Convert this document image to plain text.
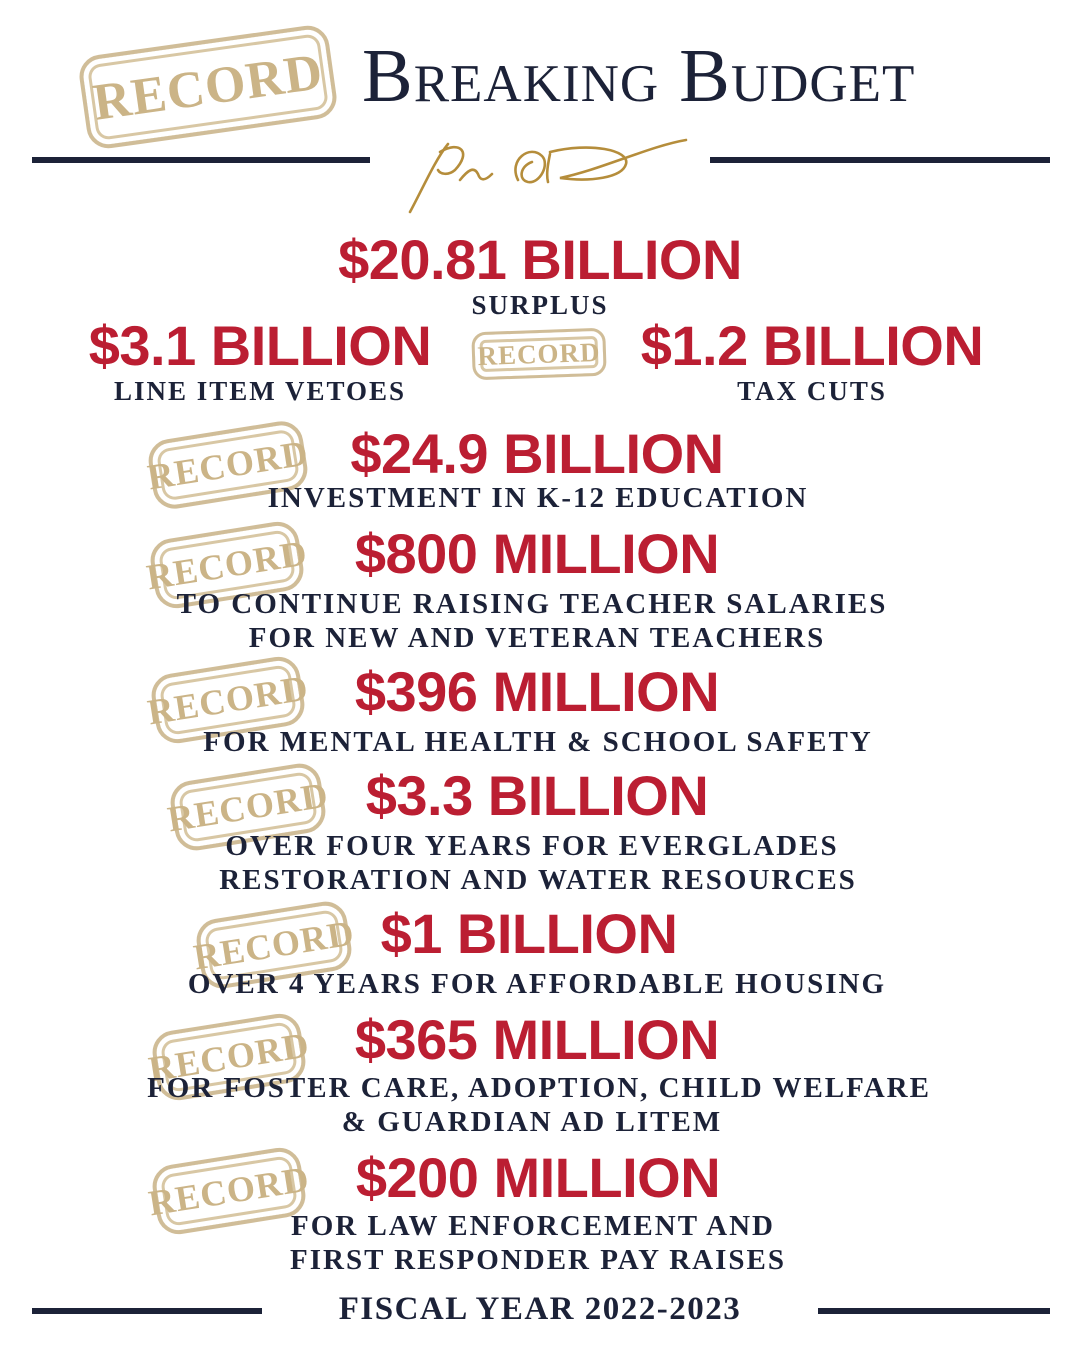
RECORD Breaking Budget
$20.81 BILLION
SURPLUS
$3.1 BILLION
LINE ITEM VETOES
RECORD $1.2 BILLION
TAX CUTS
RECORD $24.9 BILLION
INVESTMENT IN K-12 EDUCATION
RECORD $800 MILLION
TO CONTINUE RAISING TEACHER SALARIES
FOR NEW AND VETERAN TEACHERS
RECORD $396 MILLION
FOR MENTAL HEALTH & SCHOOL SAFETY
RECORD $3.3 BILLION
OVER FOUR YEARS FOR EVERGLADES
RESTORATION AND WATER RESOURCES
RECORD $1 BILLION
OVER 4 YEARS FOR AFFORDABLE HOUSING
RECORD $365 MILLION
FOR FOSTER CARE, ADOPTION, CHILD WELFARE
& GUARDIAN AD LITEM
RECORD $200 MILLION
FOR LAW ENFORCEMENT AND
FIRST RESPONDER PAY RAISES
FISCAL YEAR 2022-2023
